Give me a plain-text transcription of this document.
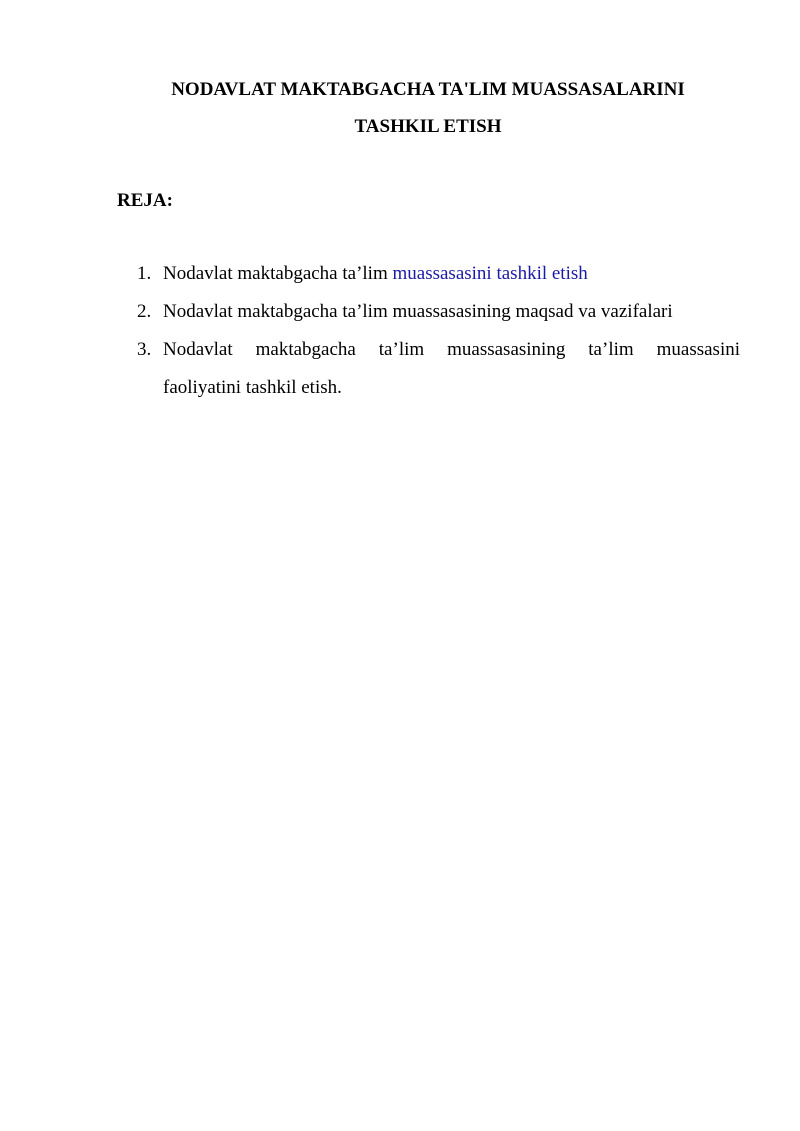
NODAVLAT MAKTABGACHA TA'LIM MUASSASALARINI
TASHKIL ETISH
REJA:
1. Nodavlat maktabgacha ta’lim muassasasini tashkil etish
2. Nodavlat maktabgacha ta’lim muassasasining maqsad va vazifalari
3. Nodavlat maktabgacha ta’lim muassasasining ta’lim muassasini
faoliyatini tashkil etish.
